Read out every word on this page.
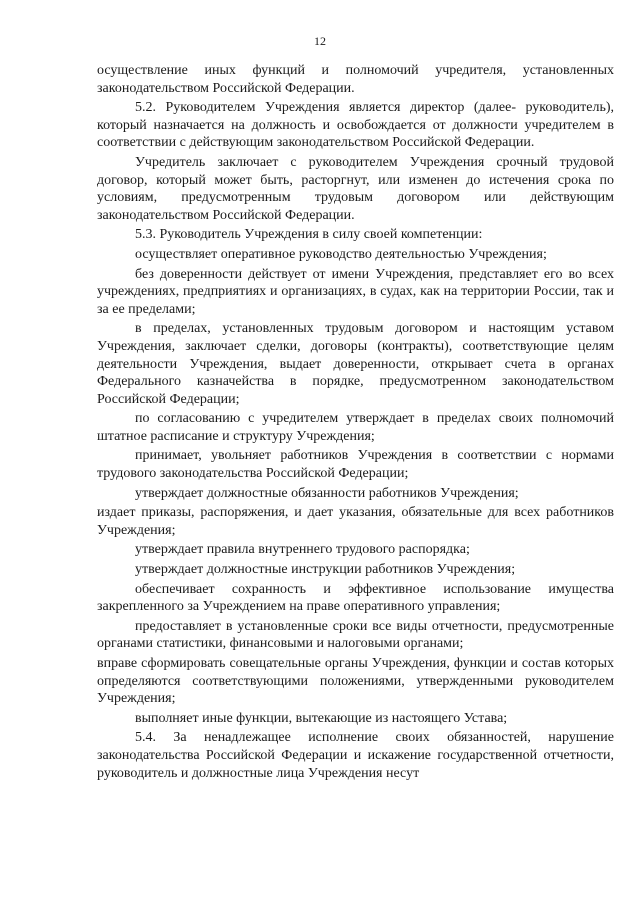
12

осуществление иных функций и полномочий учредителя, установленных законодательством Российской Федерации.

5.2. Руководителем Учреждения является директор (далее- руководитель), который назначается на должность и освобождается от должности учредителем в соответствии с действующим законодательством Российской Федерации.

Учредитель заключает с руководителем Учреждения срочный трудовой договор, который может быть, расторгнут, или изменен до истечения срока по условиям, предусмотренным трудовым договором или действующим законодательством Российской Федерации.

5.3. Руководитель Учреждения в силу своей компетенции:

осуществляет оперативное руководство деятельностью Учреждения;

без доверенности действует от имени Учреждения, представляет его во всех учреждениях, предприятиях и организациях, в судах, как на территории России, так и за ее пределами;

в пределах, установленных трудовым договором и настоящим уставом Учреждения, заключает сделки, договоры (контракты), соответствующие целям деятельности Учреждения, выдает доверенности, открывает счета в органах Федерального казначейства в порядке, предусмотренном законодательством Российской Федерации;

по согласованию с учредителем утверждает в пределах своих полномочий штатное расписание и структуру Учреждения;

принимает, увольняет работников Учреждения в соответствии с нормами трудового законодательства Российской Федерации;

утверждает должностные обязанности работников Учреждения;

издает приказы, распоряжения, и дает указания, обязательные для всех работников Учреждения;

утверждает правила внутреннего трудового распорядка;

утверждает должностные инструкции работников Учреждения;

обеспечивает сохранность и эффективное использование имущества закрепленного за Учреждением на праве оперативного управления;

предоставляет в установленные сроки все виды отчетности, предусмотренные органами статистики, финансовыми и налоговыми органами;

вправе сформировать совещательные органы Учреждения, функции и состав которых определяются соответствующими положениями, утвержденными руководителем Учреждения;

выполняет иные функции, вытекающие из настоящего Устава;

5.4. За ненадлежащее исполнение своих обязанностей, нарушение законодательства Российской Федерации и искажение государственной отчетности, руководитель и должностные лица Учреждения несут
